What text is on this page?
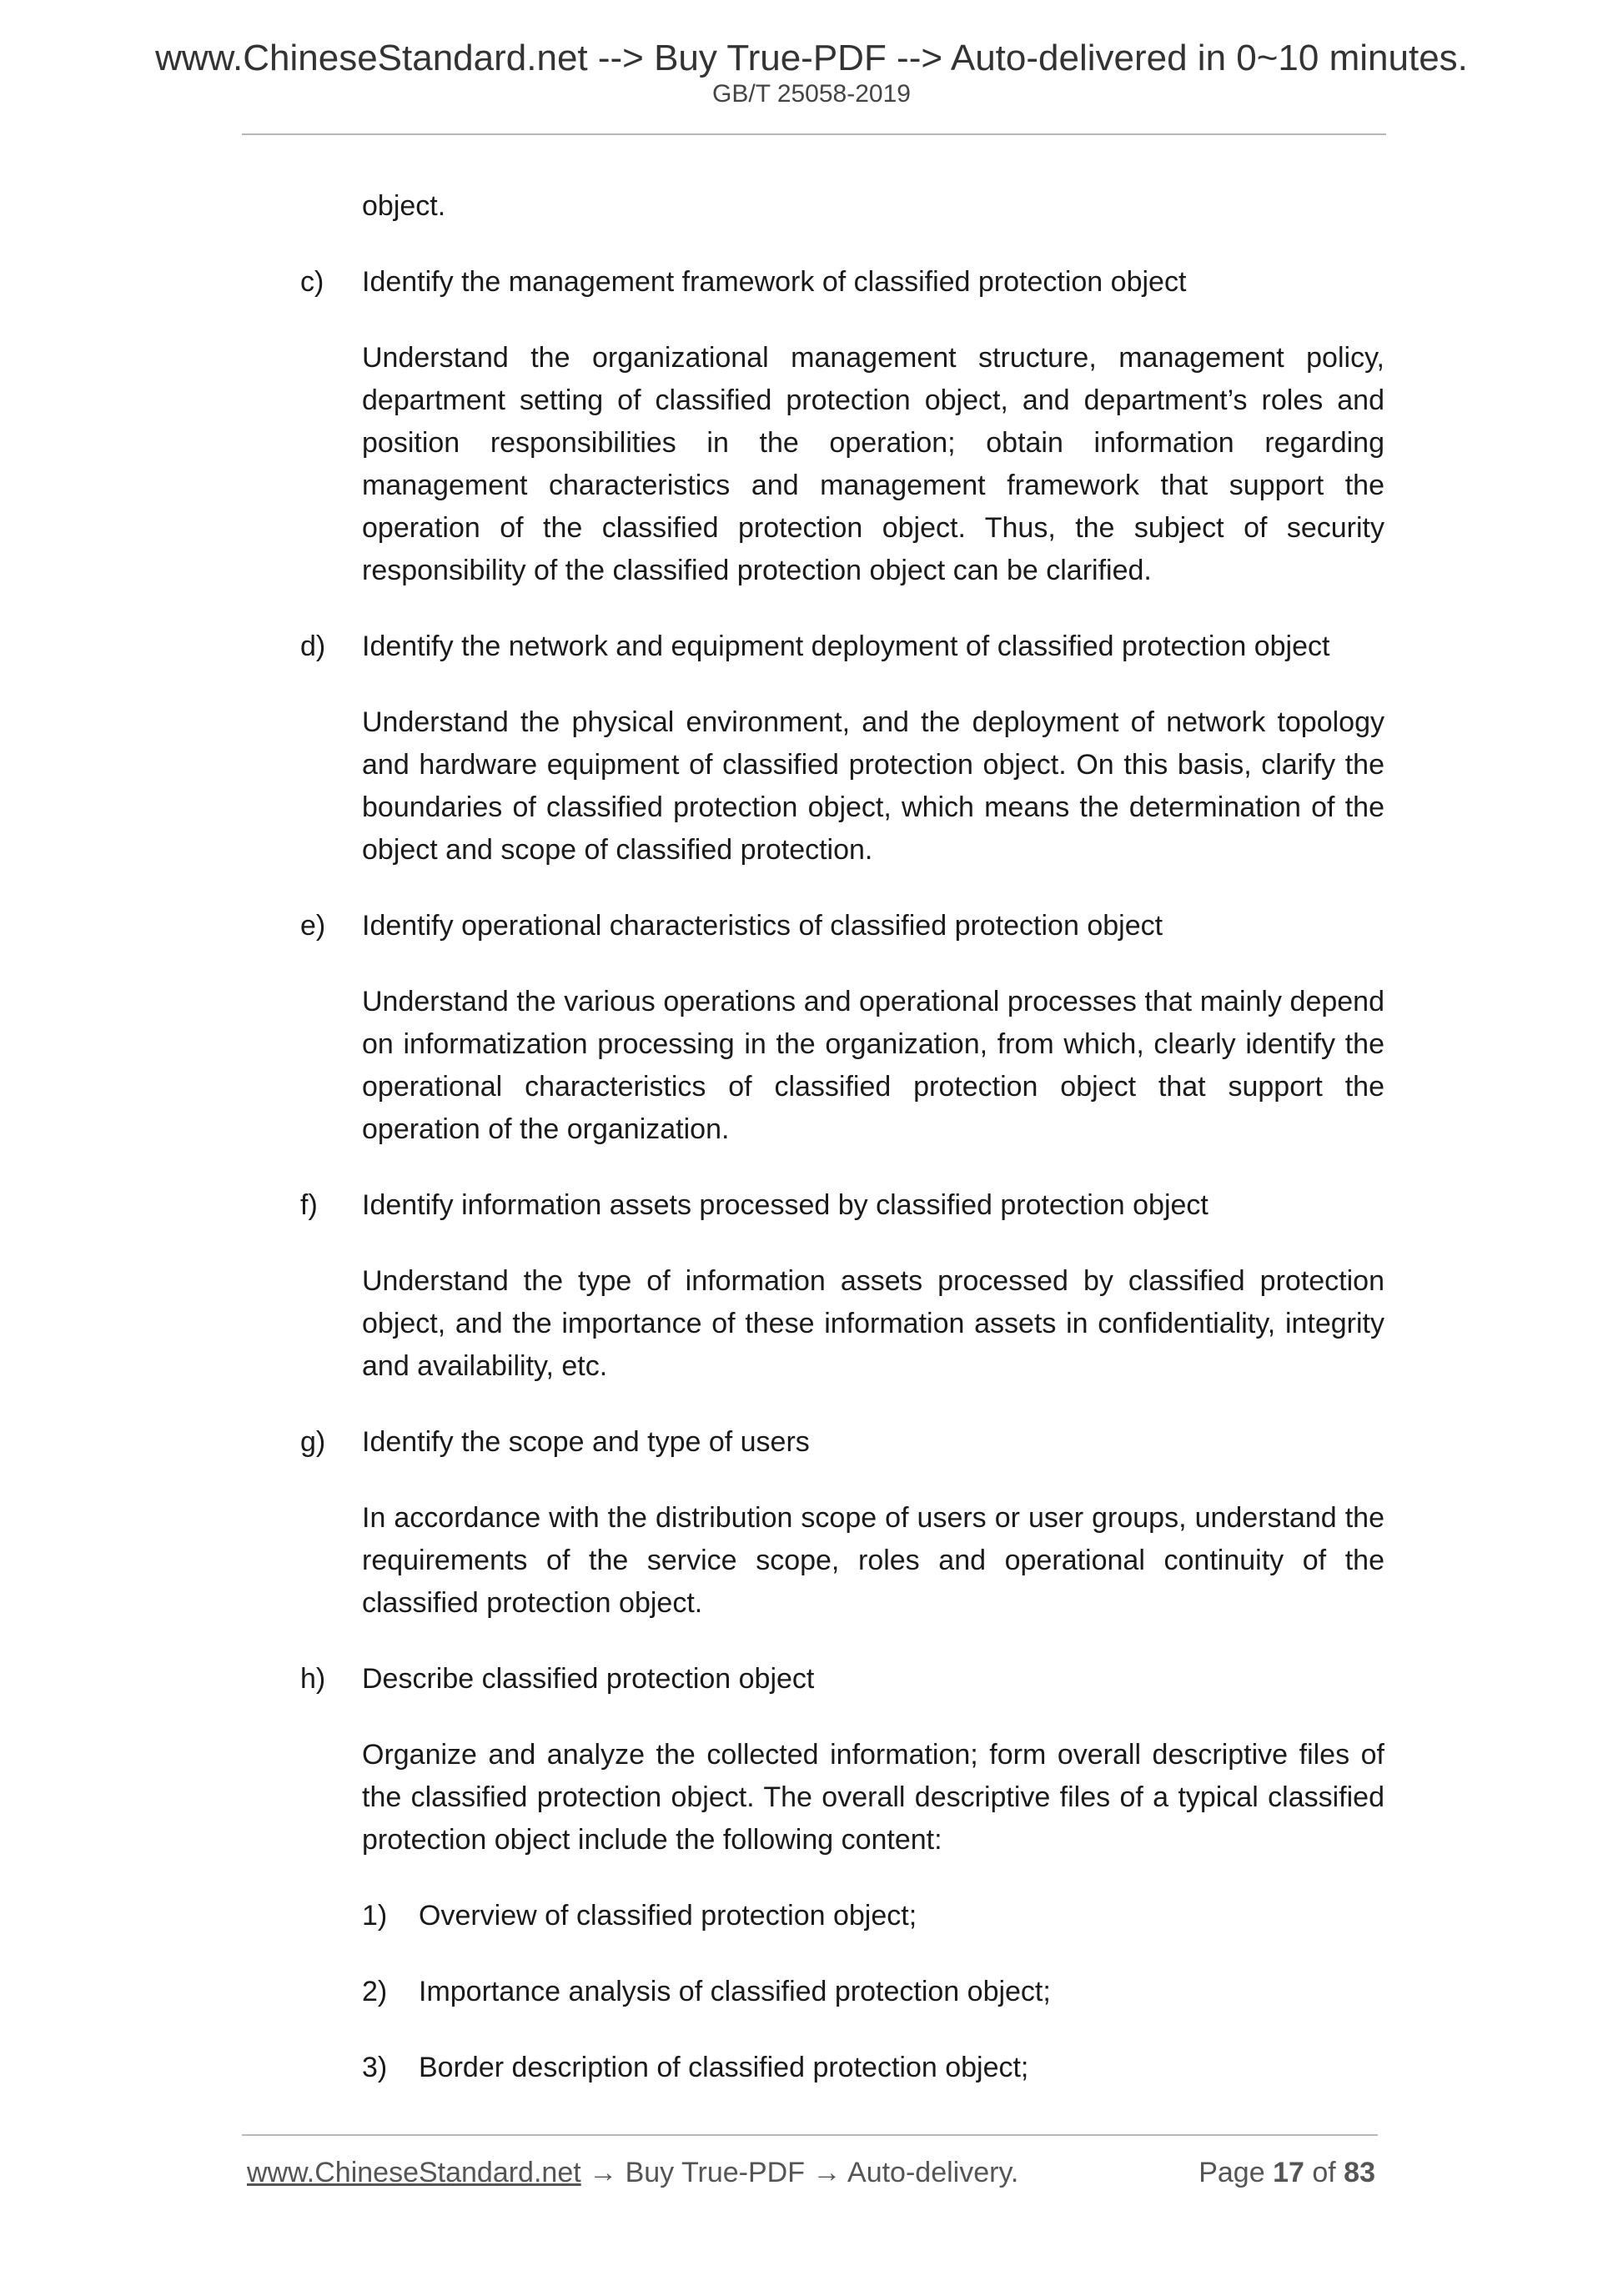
www.ChineseStandard.net --> Buy True-PDF --> Auto-delivered in 0~10 minutes.
GB/T 25058-2019

object.

c)	Identify the management framework of classified protection object

Understand the organizational management structure, management policy, department setting of classified protection object, and department’s roles and position responsibilities in the operation; obtain information regarding management characteristics and management framework that support the operation of the classified protection object. Thus, the subject of security responsibility of the classified protection object can be clarified.

d)	Identify the network and equipment deployment of classified protection object

Understand the physical environment, and the deployment of network topology and hardware equipment of classified protection object. On this basis, clarify the boundaries of classified protection object, which means the determination of the object and scope of classified protection.

e)	Identify operational characteristics of classified protection object

Understand the various operations and operational processes that mainly depend on informatization processing in the organization, from which, clearly identify the operational characteristics of classified protection object that support the operation of the organization.

f)	Identify information assets processed by classified protection object

Understand the type of information assets processed by classified protection object, and the importance of these information assets in confidentiality, integrity and availability, etc.

g)	Identify the scope and type of users

In accordance with the distribution scope of users or user groups, understand the requirements of the service scope, roles and operational continuity of the classified protection object.

h)	Describe classified protection object

Organize and analyze the collected information; form overall descriptive files of the classified protection object. The overall descriptive files of a typical classified protection object include the following content:

1)	Overview of classified protection object;
2)	Importance analysis of classified protection object;
3)	Border description of classified protection object;
www.ChineseStandard.net → Buy True-PDF → Auto-delivery.	Page 17 of 83
